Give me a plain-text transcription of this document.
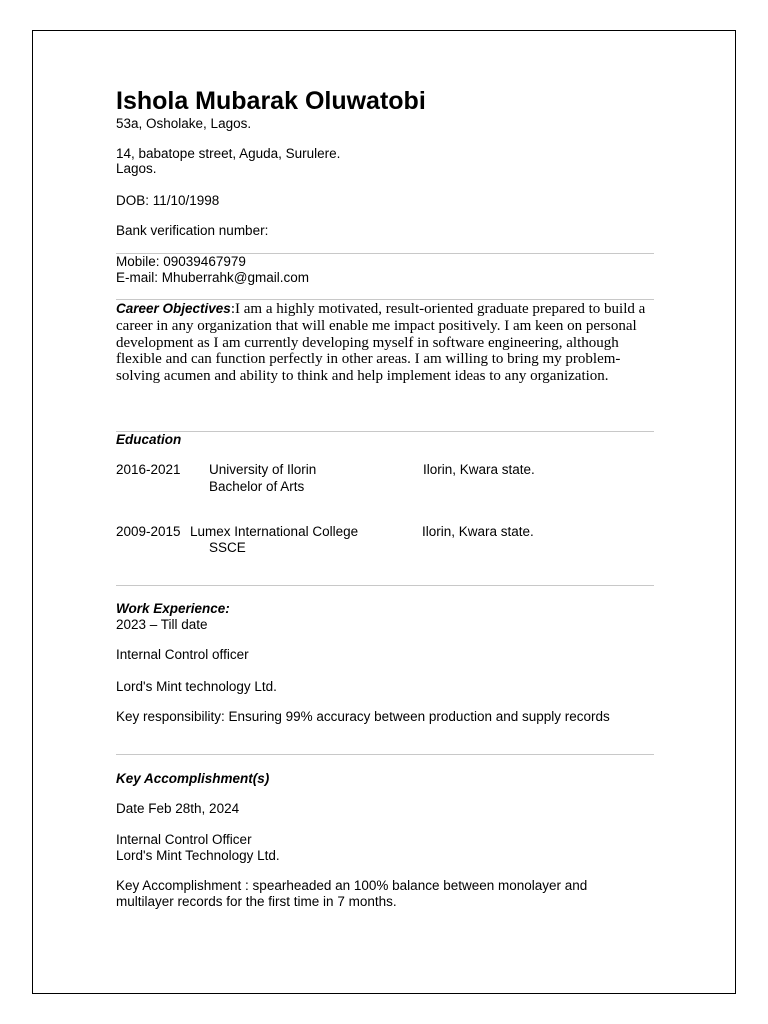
Ishola Mubarak Oluwatobi
53a, Osholake, Lagos.
14, babatope street, Aguda, Surulere.
Lagos.
DOB: 11/10/1998
Bank verification number:
Mobile: 09039467979
E-mail: Mhuberrahk@gmail.com
Career Objectives:I am a highly motivated, result-oriented graduate prepared to build a career in any organization that will enable me impact positively. I am keen on personal development as I am currently developing myself in software engineering, although flexible and can function perfectly in other areas. I am willing to bring my problem-solving acumen and ability to think and help implement ideas to any organization.
Education
2016-2021 University of Ilorin	Ilorin, Kwara state.
Bachelor of Arts
2009-2015 Lumex International College	Ilorin, Kwara state.
SSCE
Work Experience:
2023 – Till date
Internal Control officer
Lord's Mint technology Ltd.
Key responsibility: Ensuring 99% accuracy between production and supply records
Key Accomplishment(s)
Date Feb 28th, 2024
Internal Control Officer
Lord's Mint Technology Ltd.
Key Accomplishment : spearheaded an 100% balance between monolayer and multilayer records for the first time in 7 months.
